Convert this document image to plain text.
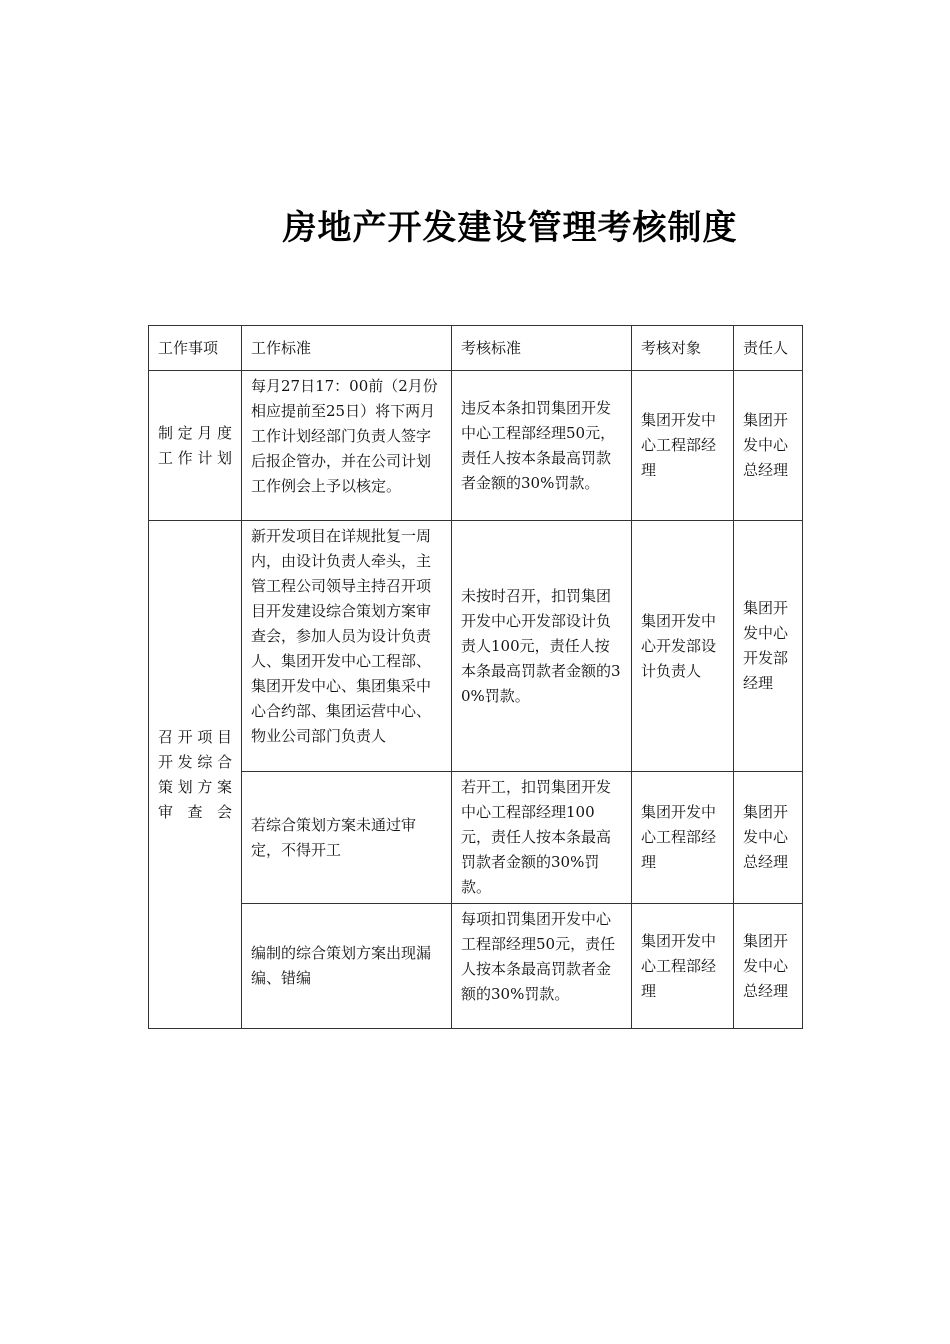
房地产开发建设管理考核制度
工作事项	工作标准	考核标准	考核对象	责任人
制定月度工作计划	每月27日17：00前（2月份相应提前至25日）将下两月工作计划经部门负责人签字后报企管办，并在公司计划工作例会上予以核定。	违反本条扣罚集团开发中心工程部经理50元，责任人按本条最高罚款者金额的30%罚款。	集团开发中心工程部经理	集团开发中心总经理
召开项目开发综合策划方案审查会	新开发项目在详规批复一周内，由设计负责人牵头，主管工程公司领导主持召开项目开发建设综合策划方案审查会，参加人员为设计负责人、集团开发中心工程部、集团开发中心、集团集采中心合约部、集团运营中心、物业公司部门负责人	未按时召开，扣罚集团开发中心开发部设计负责人100元，责任人按本条最高罚款者金额的30%罚款。	集团开发中心开发部设计负责人	集团开发中心开发部经理
	若综合策划方案未通过审定，不得开工	若开工，扣罚集团开发中心工程部经理100元，责任人按本条最高罚款者金额的30%罚款。	集团开发中心工程部经理	集团开发中心总经理
	编制的综合策划方案出现漏编、错编	每项扣罚集团开发中心工程部经理50元，责任人按本条最高罚款者金额的30%罚款。	集团开发中心工程部经理	集团开发中心总经理
